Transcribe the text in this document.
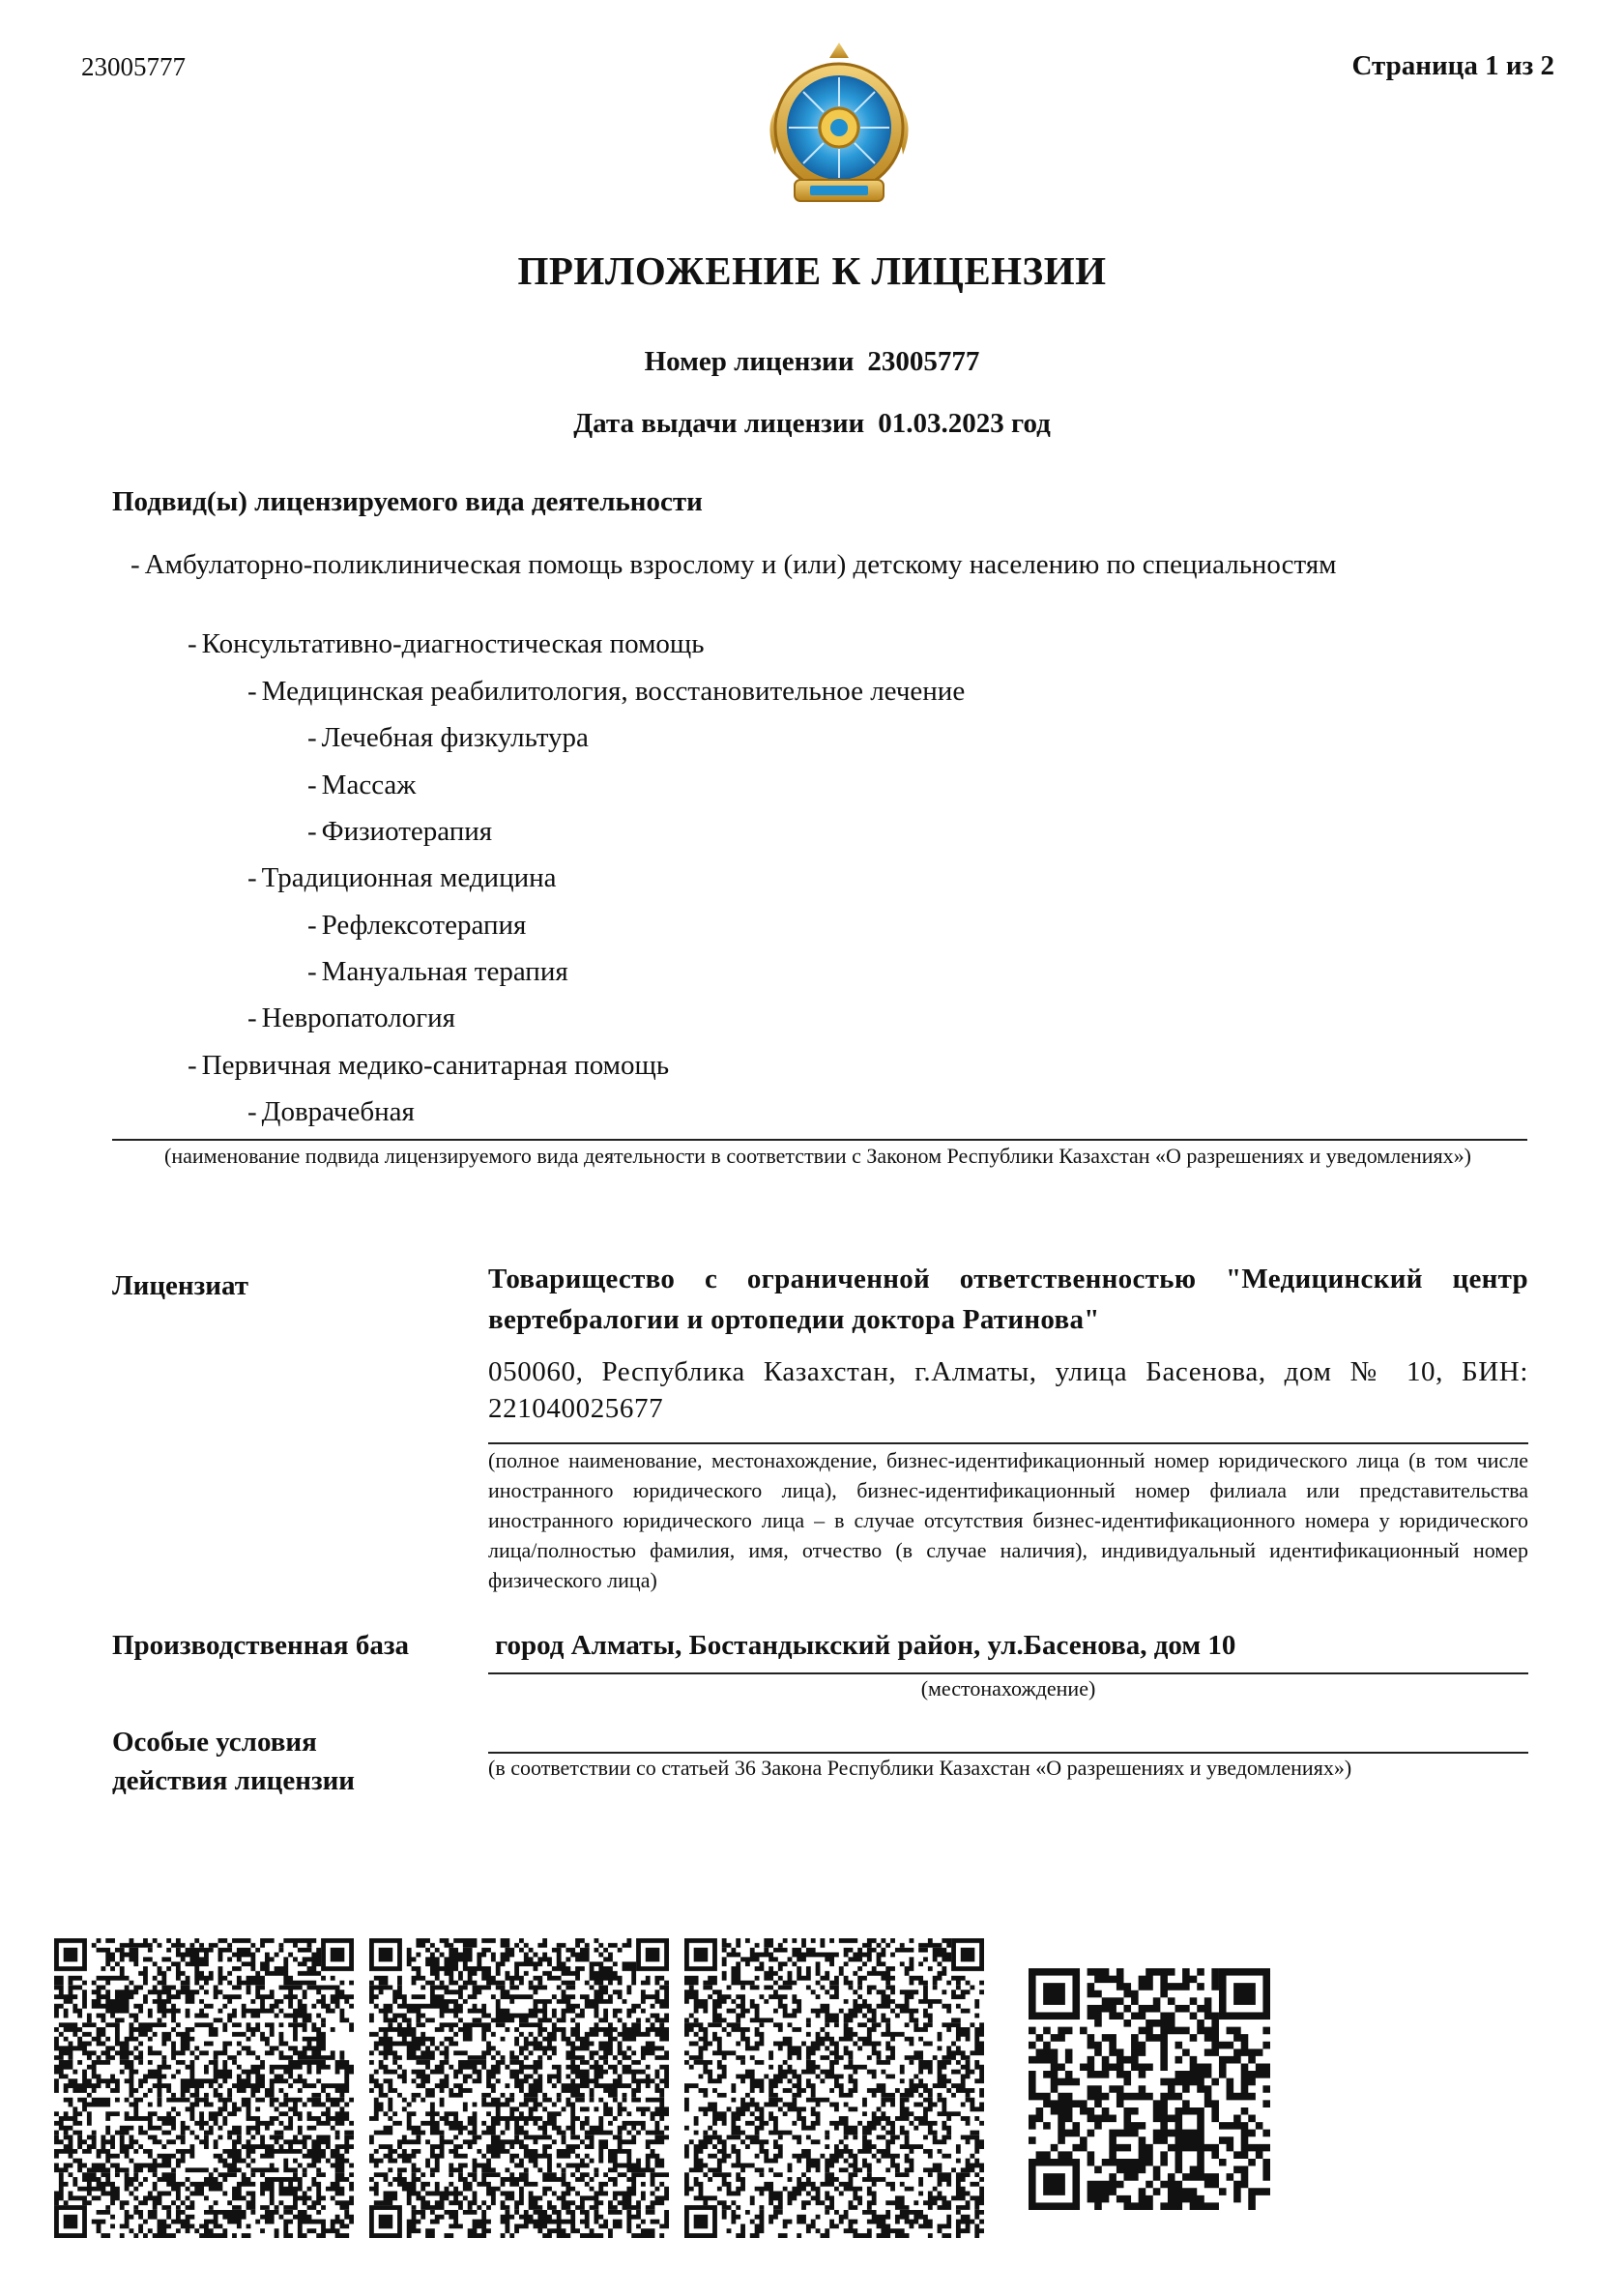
23005777	Страница 1 из 2
ПРИЛОЖЕНИЕ К ЛИЦЕНЗИИ
Номер лицензии 23005777
Дата выдачи лицензии 01.03.2023 год
Подвид(ы) лицензируемого вида деятельности
- Амбулаторно-поликлиническая помощь взрослому и (или) детскому населению по специальностям
- Консультативно-диагностическая помощь
- Медицинская реабилитология, восстановительное лечение
- Лечебная физкультура
- Массаж
- Физиотерапия
- Традиционная медицина
- Рефлексотерапия
- Мануальная терапия
- Невропатология
- Первичная медико-санитарная помощь
- Доврачебная
(наименование подвида лицензируемого вида деятельности в соответствии с Законом Республики Казахстан «О разрешениях и уведомлениях»)
Лицензиат	Товарищество с ограниченной ответственностью "Медицинский центр вертебралогии и ортопедии доктора Ратинова"
050060, Республика Казахстан, г.Алматы, улица Басенова, дом № 10, БИН: 221040025677
(полное наименование, местонахождение, бизнес-идентификационный номер юридического лица (в том числе иностранного юридического лица), бизнес-идентификационный номер филиала или представительства иностранного юридического лица – в случае отсутствия бизнес-идентификационного номера у юридического лица/полностью фамилия, имя, отчество (в случае наличия), индивидуальный идентификационный номер физического лица)
Производственная база	город Алматы, Бостандыкский район, ул.Басенова, дом 10
(местонахождение)
Особые условия
действия лицензии	(в соответствии со статьей 36 Закона Республики Казахстан «О разрешениях и уведомлениях»)
